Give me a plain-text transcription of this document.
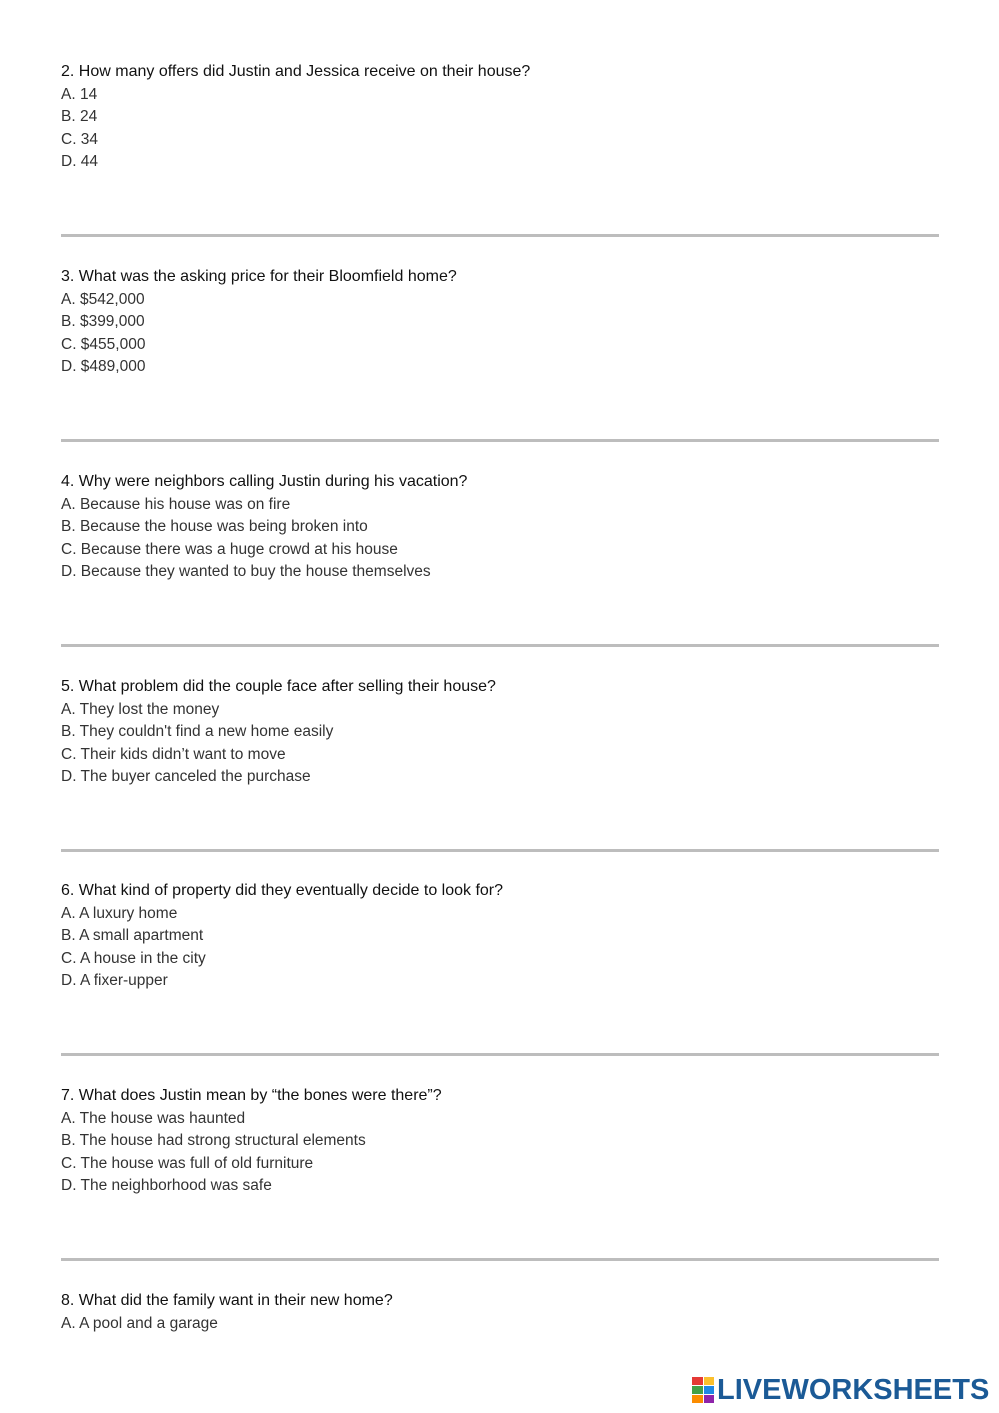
2. How many offers did Justin and Jessica receive on their house?
A. 14
B. 24
C. 34
D. 44
3. What was the asking price for their Bloomfield home?
A. $542,000
B. $399,000
C. $455,000
D. $489,000
4. Why were neighbors calling Justin during his vacation?
A. Because his house was on fire
B. Because the house was being broken into
C. Because there was a huge crowd at his house
D. Because they wanted to buy the house themselves
5. What problem did the couple face after selling their house?
A. They lost the money
B. They couldn't find a new home easily
C. Their kids didn’t want to move
D. The buyer canceled the purchase
6. What kind of property did they eventually decide to look for?
A. A luxury home
B. A small apartment
C. A house in the city
D. A fixer-upper
7. What does Justin mean by “the bones were there”?
A. The house was haunted
B. The house had strong structural elements
C. The house was full of old furniture
D. The neighborhood was safe
8. What did the family want in their new home?
A. A pool and a garage
LIVEWORKSHEETS
